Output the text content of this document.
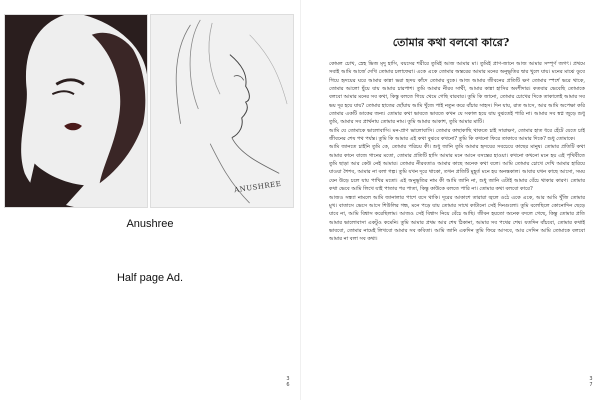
ANUSHREE
Anushree
Half page Ad.
3
6
তোমার কথা বলবো কারে?

কোমল চোখ, স্নেহ ভিজ মৃদু হাসি, বয়সের শরীরে তুমিই আজ আমার মা। তুমিই প্রাণ-জানে আজ আমার সম্পূর্ণ জগৎ। প্রথমে সবাই আমি আর্জে দেখি তোমার চলাফেরা। একে একে তোমার অন্তরের আমার মনের অনুভূতির দ্বার খুলে যায়। মনের মাঝে ডুবে গিয়ে হৃদয়ের ঘরে আমার কান্না ভরা হৃদয় কাঁদে তোমার বুকে। আজ আমার জীবনের প্রতিটি ক্ষণ তোমার স্পর্শে ভরে থাকে, তোমার আলো ছুঁয়ে যায় আমার চারপাশ। তুমি আমার নীরব সাথী, আমার কান্না হাসির অংশীদার। কতবার ভেবেছি তোমাকে বলবো আমার মনের সব কথা, কিন্তু বলতে গিয়ে থেমে গেছি বারবার। তুমি কি জানো, তোমার চোখের দিকে তাকালেই আমার সব ভয় দূর হয়ে যায়? তোমার হাতের ছোঁয়ায় আমি খুঁজে পাই নতুন করে বাঁচার সাহস। দিন যায়, রাত আসে, আর আমি অপেক্ষা করি তোমার একটি ডাকের জন্য। তোমার কথা ভাবতে ভাবতে কখন যে সকাল হয়ে যায় বুঝতেই পারি না। আমার সব স্বপ্ন জুড়ে শুধু তুমি, আমার সব প্রার্থনায় তোমার নাম। তুমি আমার আকাশ, তুমি আমার মাটি।

আমি যে তোমাকে ভালোবাসি। মন-প্রাণ ভালোবাসি। তোমার কাছাকাছি থাকতে চাই সারাক্ষণ, তোমার হাত ধরে হেঁটে যেতে চাই জীবনের শেষ পথ পর্যন্ত। তুমি কি আমার এই কথা বুঝবে কখনো? তুমি কি কখনো ফিরে তাকাবে আমার দিকে? শুধু তোমাকে।

আমি জানতে চাইনি তুমি কে, তোমার পরিচয় কী। শুধু জানি তুমি আমার হৃদয়ের সবচেয়ে কাছের মানুষ। তোমার প্রতিটি কথা আমার কানে বাজে গানের মতো, তোমার প্রতিটি হাসি আমার মনে আনে বসন্তের হাওয়া। কখনো কখনো মনে হয় এই পৃথিবীতে তুমি ছাড়া আর কেউ নেই আমার। তোমার নীরবতাও আমার কাছে অনেক কথা বলে। আমি তোমার চোখে দেখি আমার হারিয়ে যাওয়া শৈশব, আমার না বলা গল্প। তুমি যখন দূরে থাকো, তখন প্রতিটি মুহূর্ত মনে হয় অনন্তকাল। আবার যখন কাছে আসো, সময় যেন উড়ে চলে যায় পাখির মতো। এই অনুভূতির নাম কী আমি জানি না, শুধু জানি এটাই আমার বেঁচে থাকার কারণ। তোমার কথা ভেবে আমি লিখে যাই পাতার পর পাতা, কিন্তু কাউকে বলতে পারি না। তোমার কথা বলবো কারে?

আজও সন্ধ্যা নামলে আমি জানালার পাশে বসে থাকি। দূরের আকাশে তারারা জ্বলে ওঠে একে একে, আর আমি খুঁজি তোমার মুখ। বাতাসে ভেসে আসে শিউলির গন্ধ, মনে পড়ে যায় তোমার সাথে কাটানো সেই দিনগুলো। তুমি বলেছিলে কোনোদিন ছেড়ে যাবে না, আমি বিশ্বাস করেছিলাম। আজও সেই বিশ্বাস নিয়ে বেঁচে আছি। জীবন হয়তো অনেক বদলে গেছে, কিন্তু তোমার প্রতি আমার ভালোবাসা একটুও কমেনি। তুমি আমার প্রথম আর শেষ ঠিকানা, আমার সব পথের শেষ। যতদিন বাঁচবো, তোমার কথাই ভাববো, তোমার নামেই লিখবো আমার সব কবিতা। আমি জানি একদিন তুমি ফিরে আসবে, আর সেদিন আমি তোমাকে বলবো আমার না বলা সব কথা।

3
7
